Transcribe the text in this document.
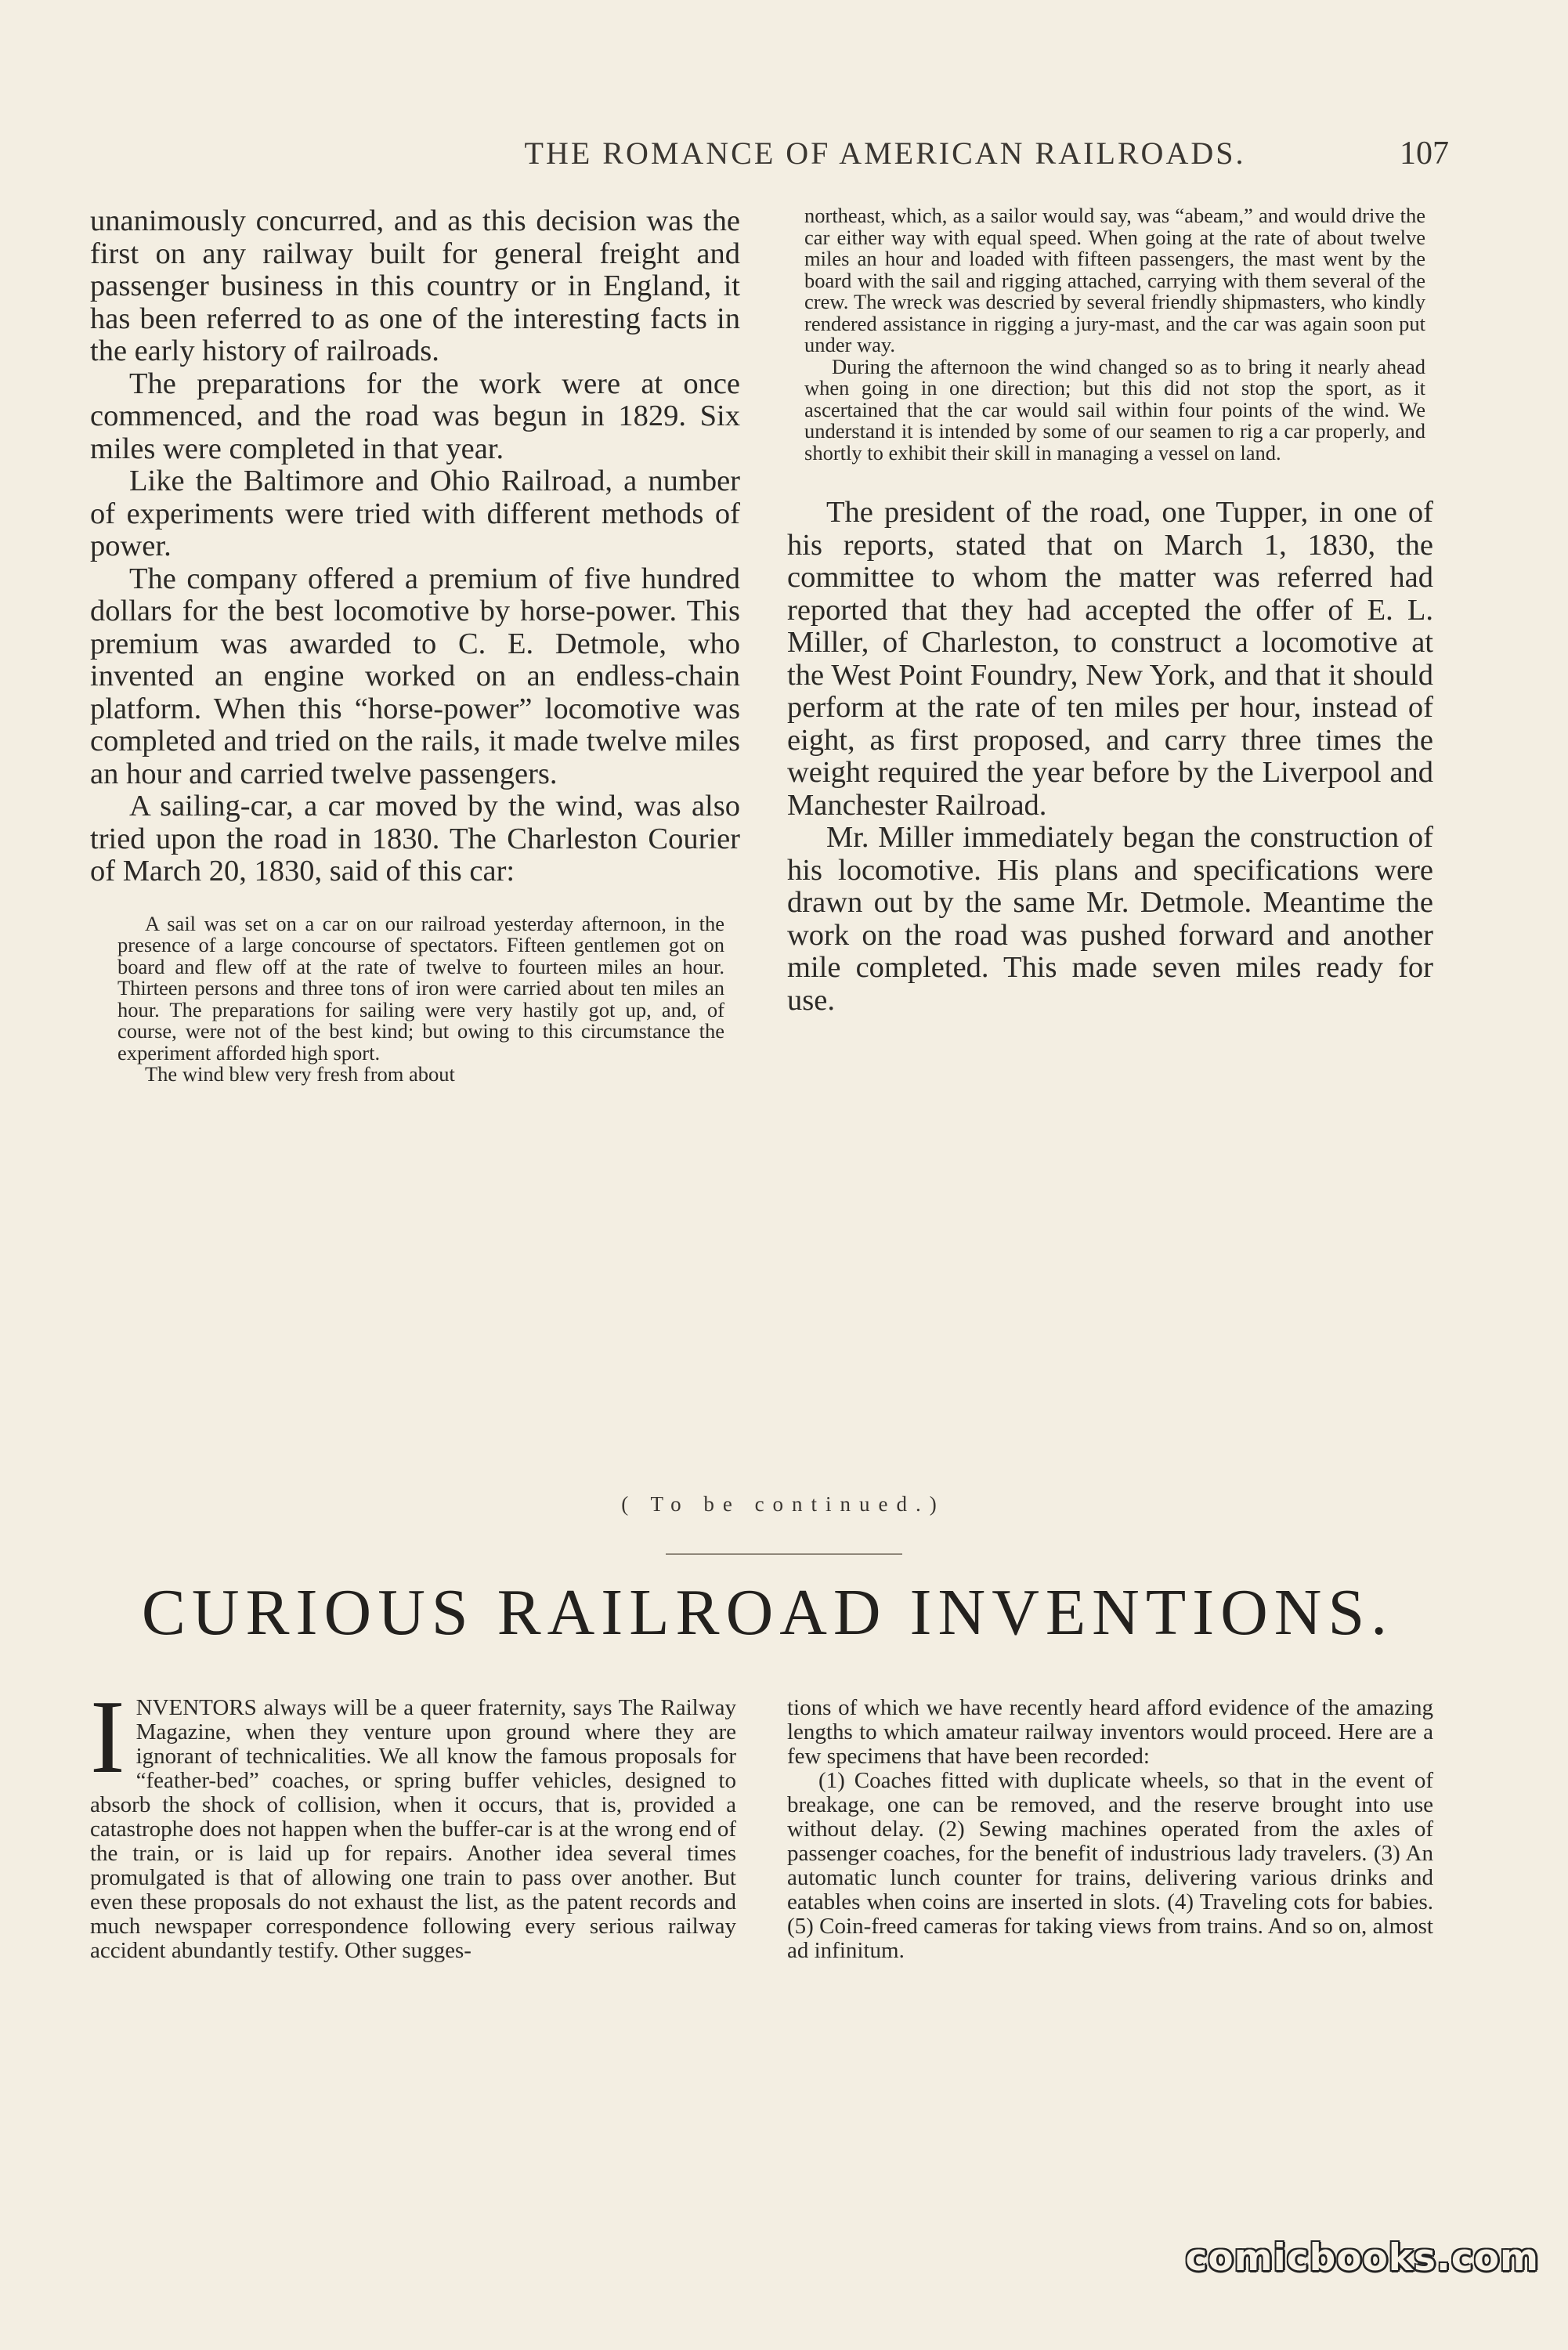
THE ROMANCE OF AMERICAN RAILROADS.	107

unanimously concurred, and as this decision was the first on any railway built for general freight and passenger business in this country or in England, it has been referred to as one of the interesting facts in the early history of railroads.

The preparations for the work were at once commenced, and the road was begun in 1829. Six miles were completed in that year.

Like the Baltimore and Ohio Railroad, a number of experiments were tried with different methods of power.

The company offered a premium of five hundred dollars for the best locomotive by horse-power. This premium was awarded to C. E. Detmole, who invented an engine worked on an endless-chain platform. When this “horse-power” locomotive was completed and tried on the rails, it made twelve miles an hour and carried twelve passengers.

A sailing-car, a car moved by the wind, was also tried upon the road in 1830. The Charleston Courier of March 20, 1830, said of this car:

A sail was set on a car on our railroad yesterday afternoon, in the presence of a large concourse of spectators. Fifteen gentlemen got on board and flew off at the rate of twelve to fourteen miles an hour. Thirteen persons and three tons of iron were carried about ten miles an hour. The preparations for sailing were very hastily got up, and, of course, were not of the best kind; but owing to this circumstance the experiment afforded high sport.

The wind blew very fresh from about

northeast, which, as a sailor would say, was “abeam,” and would drive the car either way with equal speed. When going at the rate of about twelve miles an hour and loaded with fifteen passengers, the mast went by the board with the sail and rigging attached, carrying with them several of the crew. The wreck was descried by several friendly shipmasters, who kindly rendered assistance in rigging a jury-mast, and the car was again soon put under way.

During the afternoon the wind changed so as to bring it nearly ahead when going in one direction; but this did not stop the sport, as it ascertained that the car would sail within four points of the wind. We understand it is intended by some of our seamen to rig a car properly, and shortly to exhibit their skill in managing a vessel on land.

The president of the road, one Tupper, in one of his reports, stated that on March 1, 1830, the committee to whom the matter was referred had reported that they had accepted the offer of E. L. Miller, of Charleston, to construct a locomotive at the West Point Foundry, New York, and that it should perform at the rate of ten miles per hour, instead of eight, as first proposed, and carry three times the weight required the year before by the Liverpool and Manchester Railroad.

Mr. Miller immediately began the construction of his locomotive. His plans and specifications were drawn out by the same Mr. Detmole. Meantime the work on the road was pushed forward and another mile completed. This made seven miles ready for use.

( To be continued.)
CURIOUS RAILROAD INVENTIONS.

INVENTORS always will be a queer fraternity, says The Railway Magazine, when they venture upon ground where they are ignorant of technicalities. We all know the famous proposals for “feather-bed” coaches, or spring buffer vehicles, designed to absorb the shock of collision, when it occurs, that is, provided a catastrophe does not happen when the buffer-car is at the wrong end of the train, or is laid up for repairs. Another idea several times promulgated is that of allowing one train to pass over another. But even these proposals do not exhaust the list, as the patent records and much newspaper correspondence following every serious railway accident abundantly testify. Other sugges-

tions of which we have recently heard afford evidence of the amazing lengths to which amateur railway inventors would proceed. Here are a few specimens that have been recorded:

(1) Coaches fitted with duplicate wheels, so that in the event of breakage, one can be removed, and the reserve brought into use without delay. (2) Sewing machines operated from the axles of passenger coaches, for the benefit of industrious lady travelers. (3) An automatic lunch counter for trains, delivering various drinks and eatables when coins are inserted in slots. (4) Traveling cots for babies. (5) Coin-freed cameras for taking views from trains. And so on, almost ad infinitum.

comicbooks.com
